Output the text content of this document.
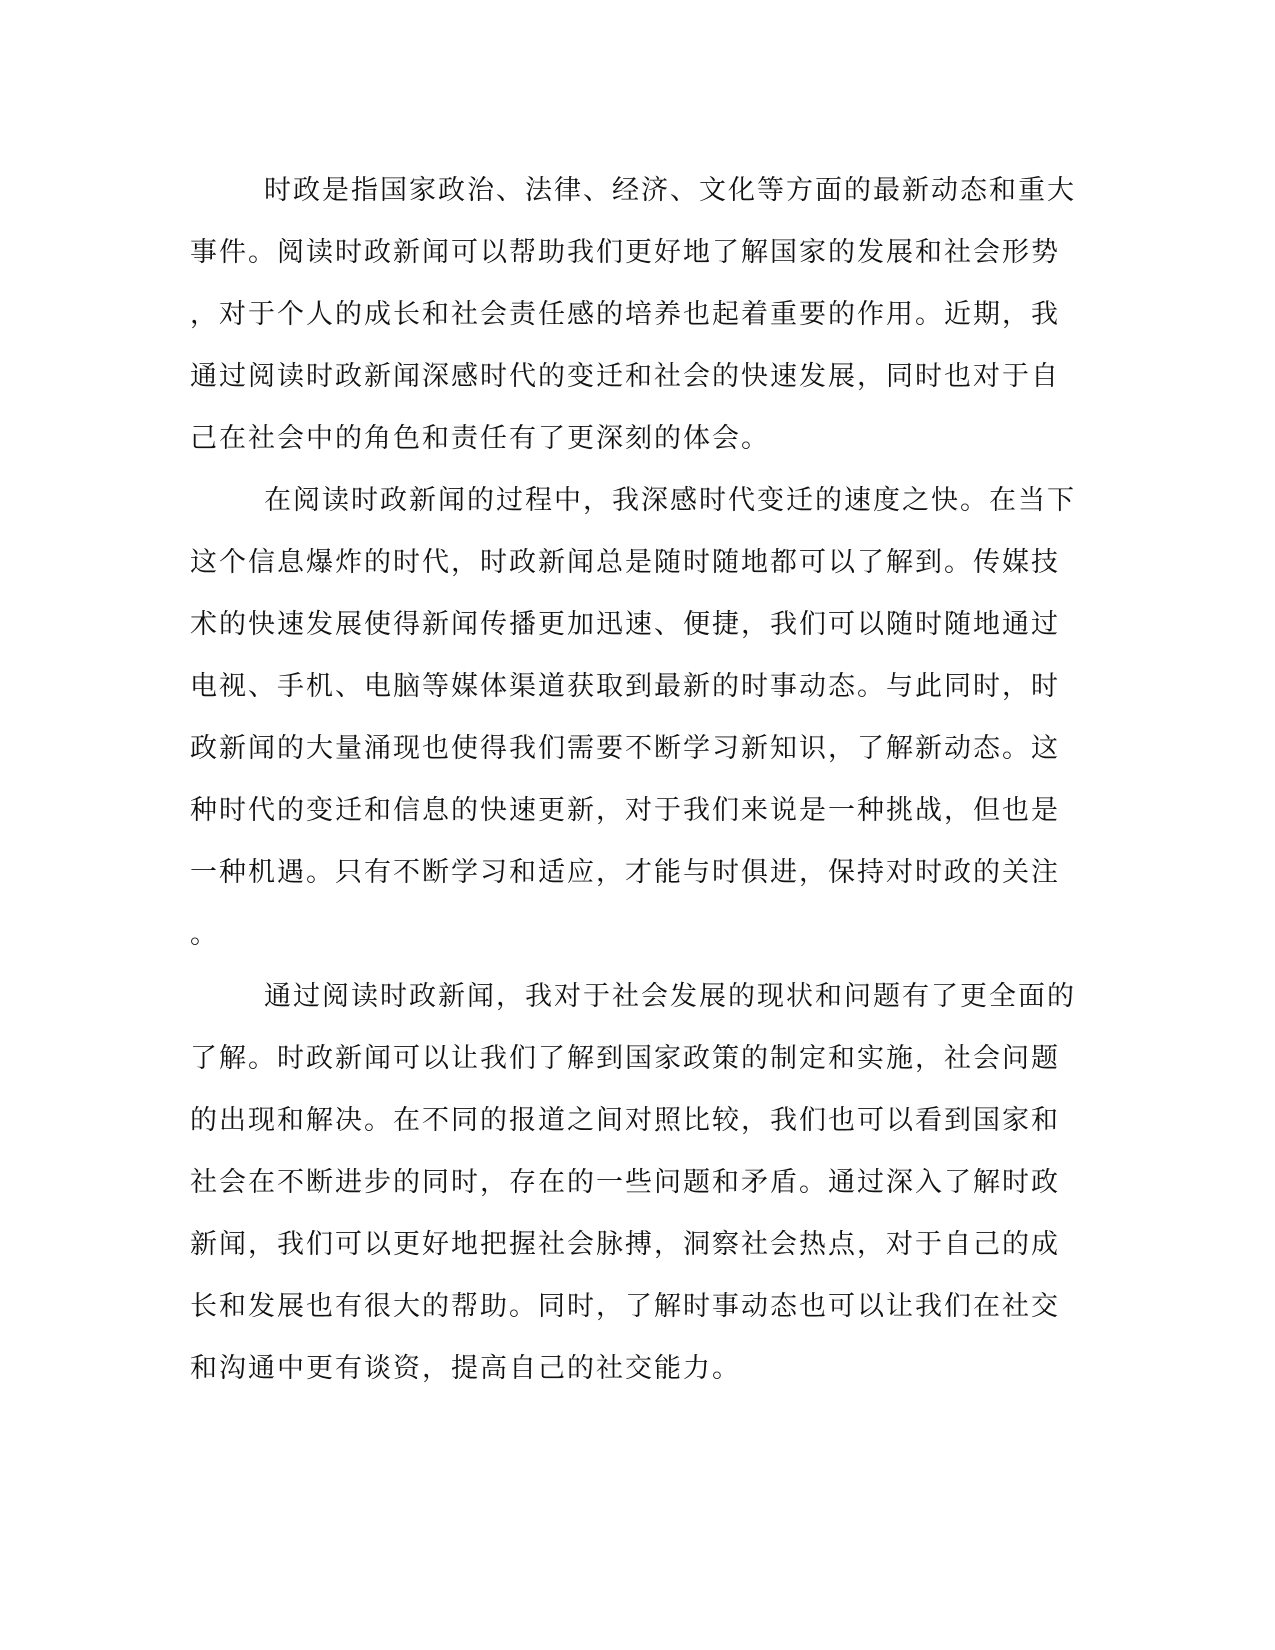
时政是指国家政治、法律、经济、文化等方面的最新动态和重大
事件。阅读时政新闻可以帮助我们更好地了解国家的发展和社会形势
，对于个人的成长和社会责任感的培养也起着重要的作用。近期，我
通过阅读时政新闻深感时代的变迁和社会的快速发展，同时也对于自
己在社会中的角色和责任有了更深刻的体会。
在阅读时政新闻的过程中，我深感时代变迁的速度之快。在当下
这个信息爆炸的时代，时政新闻总是随时随地都可以了解到。传媒技
术的快速发展使得新闻传播更加迅速、便捷，我们可以随时随地通过
电视、手机、电脑等媒体渠道获取到最新的时事动态。与此同时，时
政新闻的大量涌现也使得我们需要不断学习新知识，了解新动态。这
种时代的变迁和信息的快速更新，对于我们来说是一种挑战，但也是
一种机遇。只有不断学习和适应，才能与时俱进，保持对时政的关注
。
通过阅读时政新闻，我对于社会发展的现状和问题有了更全面的
了解。时政新闻可以让我们了解到国家政策的制定和实施，社会问题
的出现和解决。在不同的报道之间对照比较，我们也可以看到国家和
社会在不断进步的同时，存在的一些问题和矛盾。通过深入了解时政
新闻，我们可以更好地把握社会脉搏，洞察社会热点，对于自己的成
长和发展也有很大的帮助。同时，了解时事动态也可以让我们在社交
和沟通中更有谈资，提高自己的社交能力。
